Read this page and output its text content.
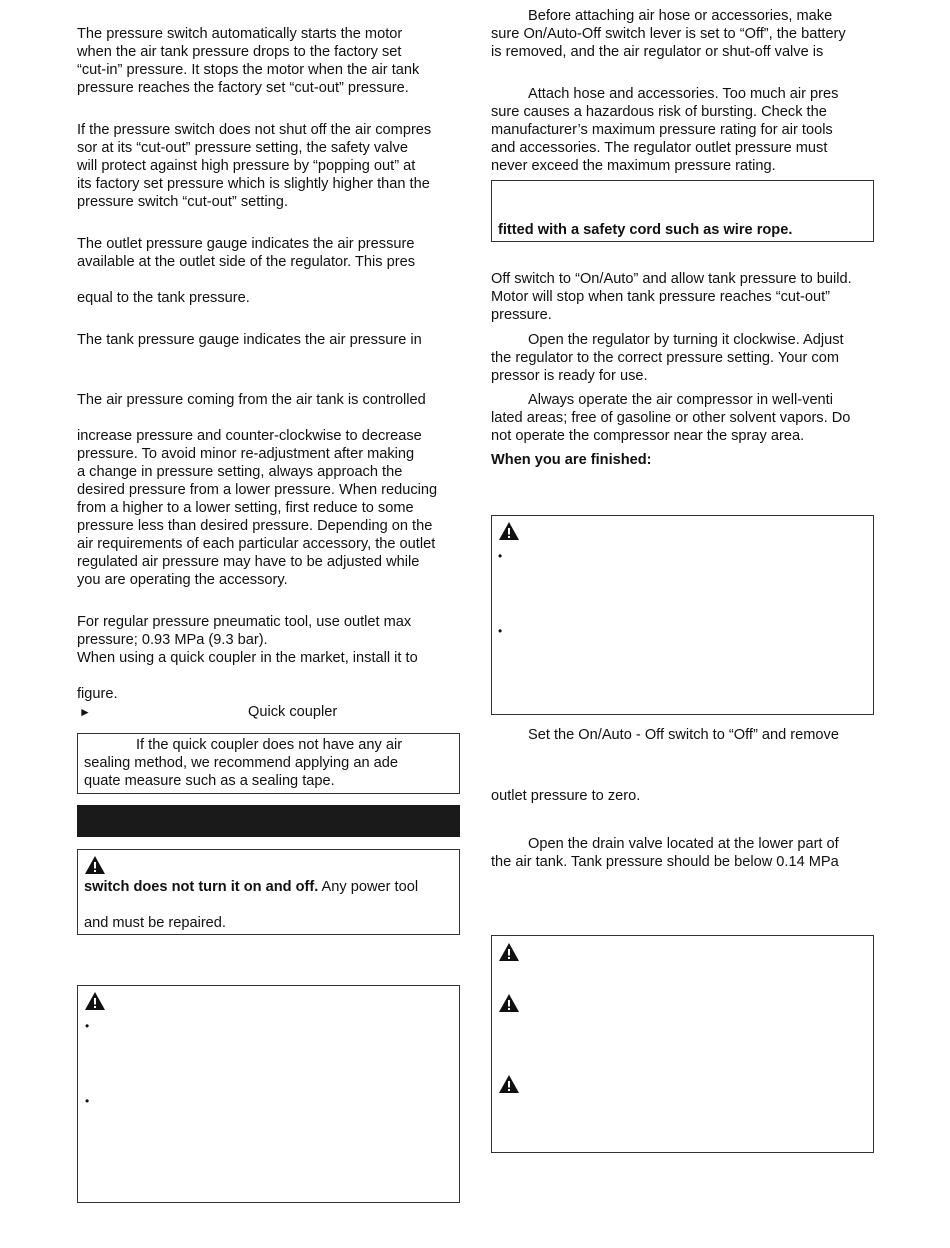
The pressure switch automatically starts the motor
when the air tank pressure drops to the factory set
“cut-in” pressure. It stops the motor when the air tank
pressure reaches the factory set “cut-out” pressure.
If the pressure switch does not shut off the air compres
sor at its “cut-out” pressure setting, the safety valve
will protect against high pressure by “popping out” at
its factory set pressure which is slightly higher than the
pressure switch “cut-out” setting.
The outlet pressure gauge indicates the air pressure
available at the outlet side of the regulator. This pres
equal to the tank pressure.
The tank pressure gauge indicates the air pressure in
The air pressure coming from the air tank is controlled
increase pressure and counter-clockwise to decrease
pressure. To avoid minor re-adjustment after making
a change in pressure setting, always approach the
desired pressure from a lower pressure. When reducing
from a higher to a lower setting, first reduce to some
pressure less than desired pressure. Depending on the
air requirements of each particular accessory, the outlet
regulated air pressure may have to be adjusted while
you are operating the accessory.
For regular pressure pneumatic tool, use outlet max
pressure; 0.93 MPa (9.3 bar).
When using a quick coupler in the market, install it to
figure.
►	Quick coupler
If the quick coupler does not have any air
sealing method, we recommend applying an ade
quate measure such as a sealing tape.
switch does not turn it on and off. Any power tool
and must be repaired.
•
•
Before attaching air hose or accessories, make
sure On/Auto-Off switch lever is set to “Off”, the battery
is removed, and the air regulator or shut-off valve is
Attach hose and accessories. Too much air pres
sure causes a hazardous risk of bursting. Check the
manufacturer’s maximum pressure rating for air tools
and accessories. The regulator outlet pressure must
never exceed the maximum pressure rating.
fitted with a safety cord such as wire rope.
Off switch to “On/Auto” and allow tank pressure to build.
Motor will stop when tank pressure reaches “cut-out”
pressure.
Open the regulator by turning it clockwise. Adjust
the regulator to the correct pressure setting. Your com
pressor is ready for use.
Always operate the air compressor in well-venti
lated areas; free of gasoline or other solvent vapors. Do
not operate the compressor near the spray area.
When you are finished:
•
•
Set the On/Auto - Off switch to “Off” and remove
outlet pressure to zero.
Open the drain valve located at the lower part of
the air tank. Tank pressure should be below 0.14 MPa
